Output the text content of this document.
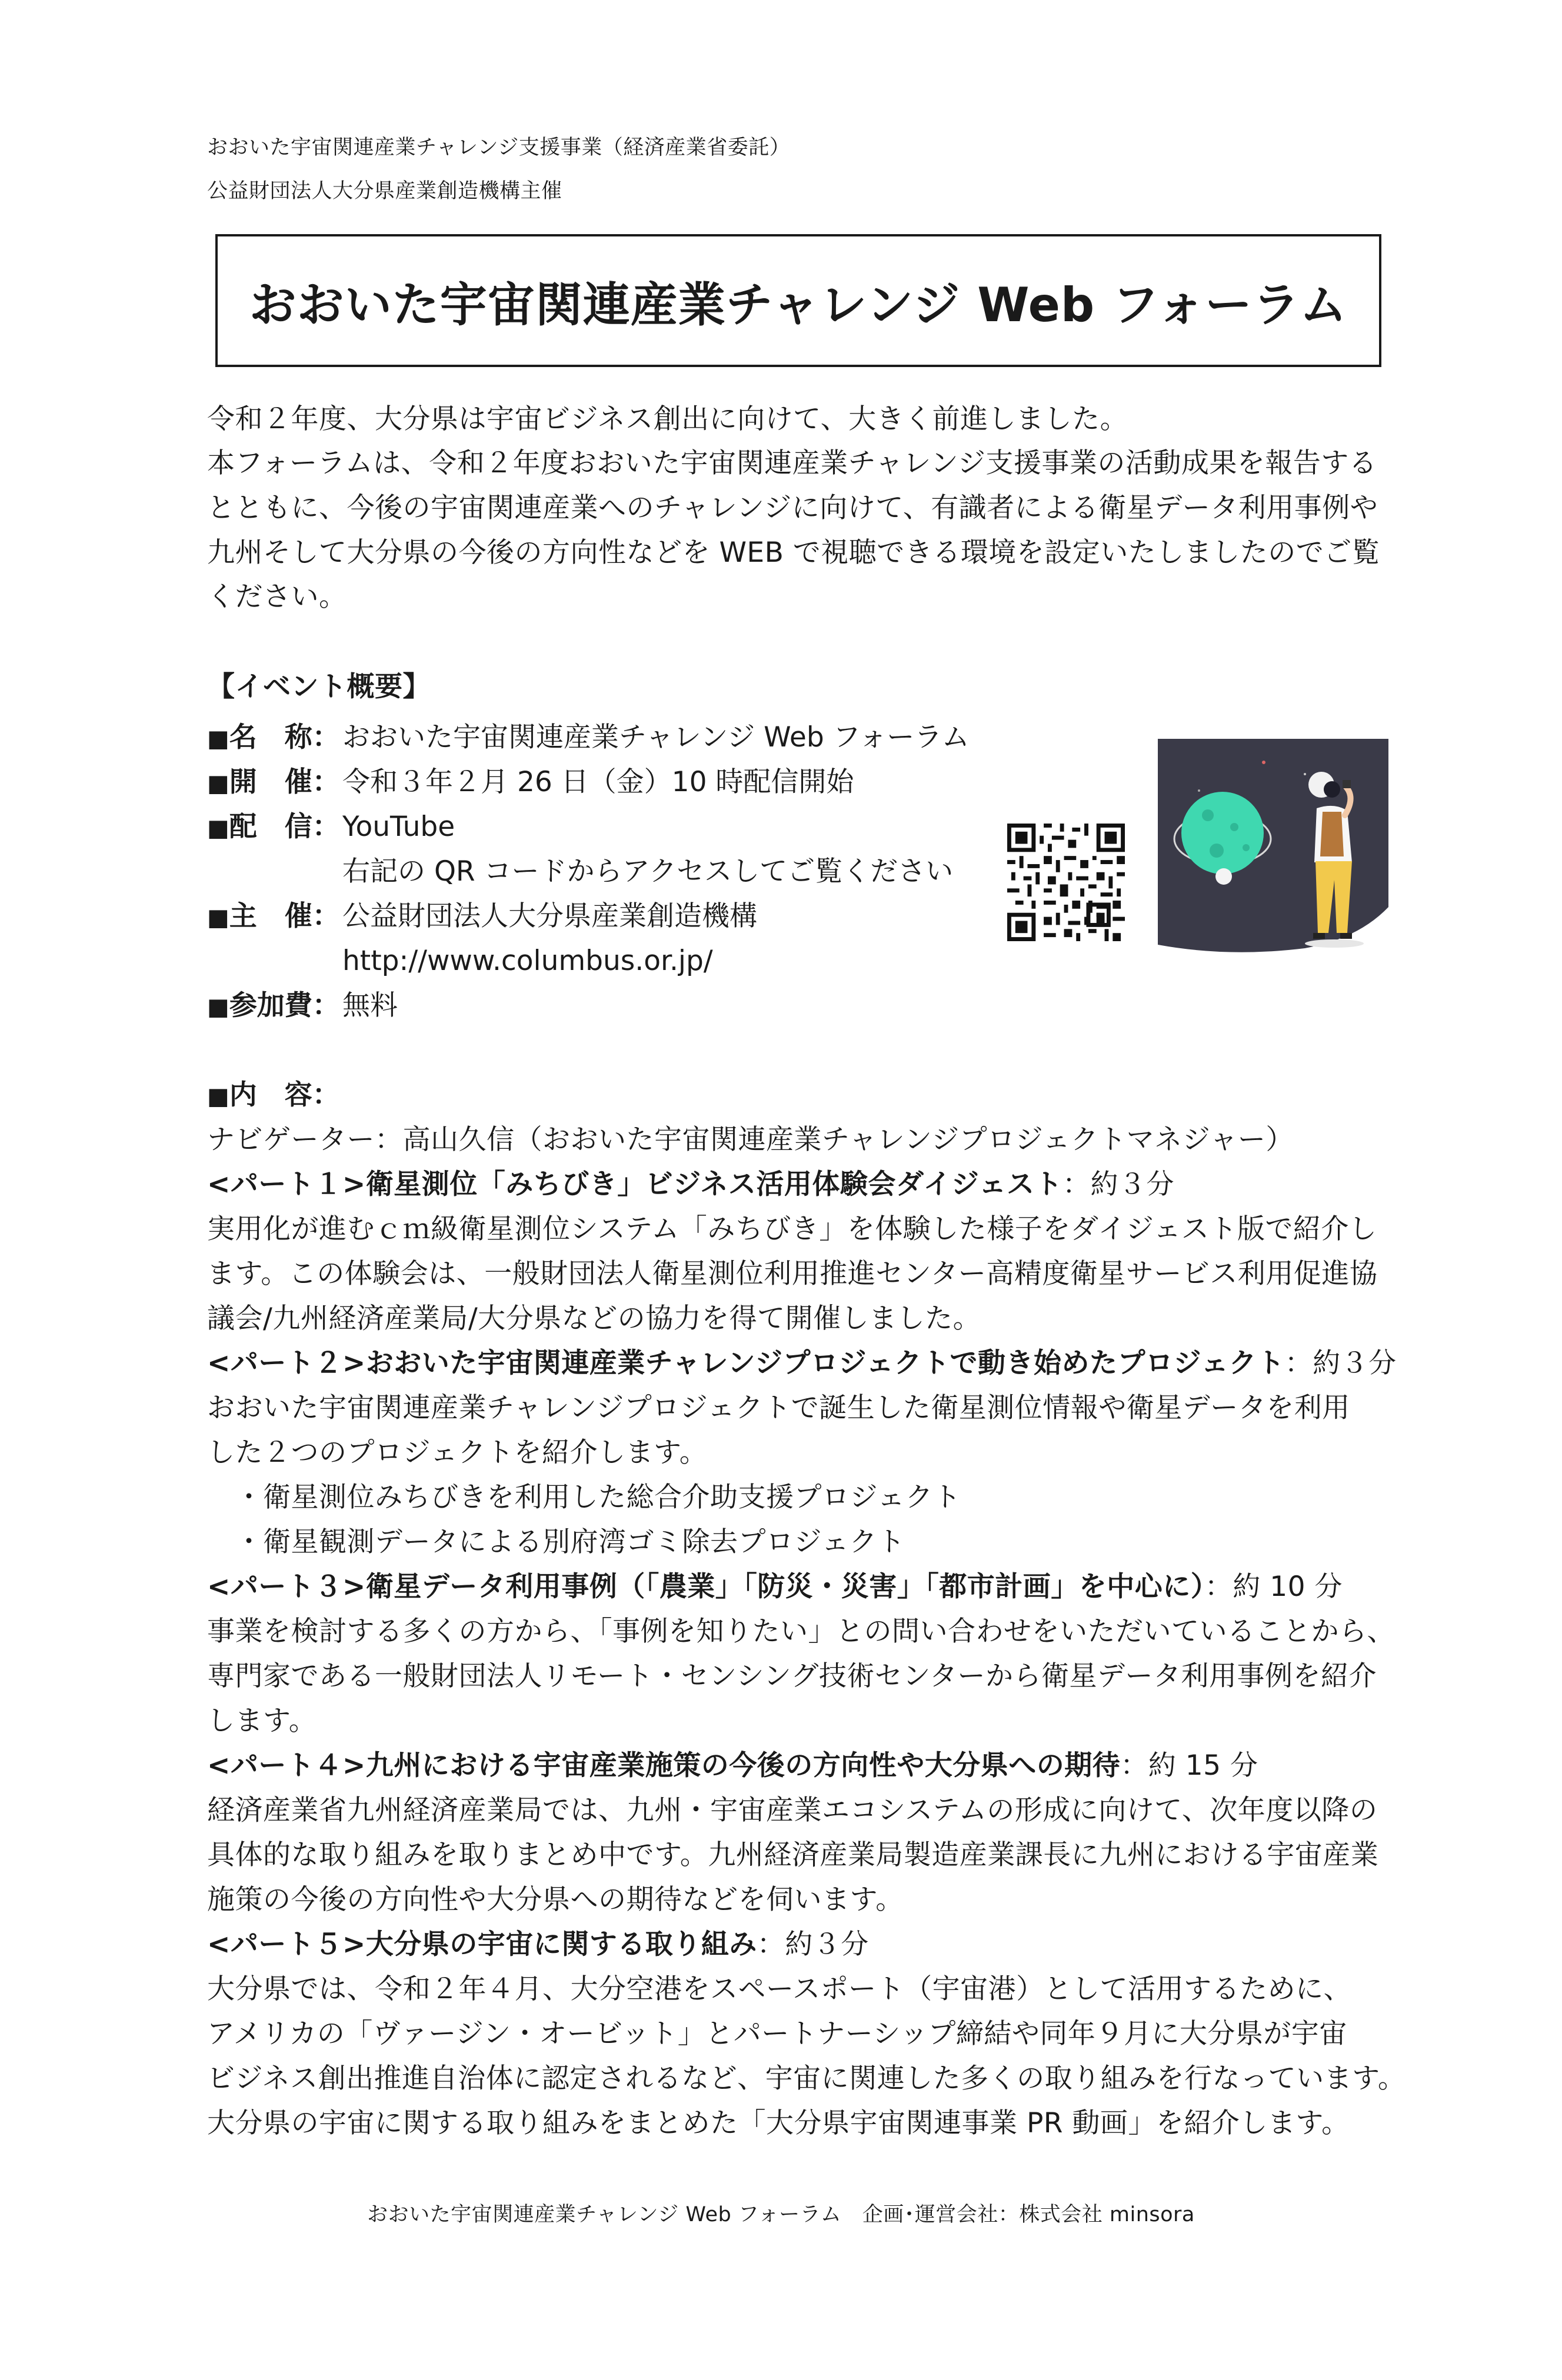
おおいた宇宙関連産業チャレンジ支援事業（経済産業省委託）
公益財団法人大分県産業創造機構主催
おおいた宇宙関連産業チャレンジ Web フォーラム
令和２年度、大分県は宇宙ビジネス創出に向けて、大きく前進しました。
本フォーラムは、令和２年度おおいた宇宙関連産業チャレンジ支援事業の活動成果を報告する
とともに、今後の宇宙関連産業へのチャレンジに向けて、有識者による衛星データ利用事例や
九州そして大分県の今後の方向性などを WEB で視聴できる環境を設定いたしましたのでご覧
ください。
【イベント概要】
■名　称： おおいた宇宙関連産業チャレンジ Web フォーラム
■開　催： 令和３年２月 26 日（金）10 時配信開始
■配　信： YouTube
右記の QR コードからアクセスしてご覧ください
■主　催： 公益財団法人大分県産業創造機構
http://www.columbus.or.jp/
■参加費： 無料
■内　容：
ナビゲーター：高山久信（おおいた宇宙関連産業チャレンジプロジェクトマネジャー）
<パート１>衛星測位「みちびき」ビジネス活用体験会ダイジェスト：約３分
実用化が進むｃｍ級衛星測位システム「みちびき」を体験した様子をダイジェスト版で紹介し
ます。この体験会は、一般財団法人衛星測位利用推進センター高精度衛星サービス利用促進協
議会/九州経済産業局/大分県などの協力を得て開催しました。
<パート２>おおいた宇宙関連産業チャレンジプロジェクトで動き始めたプロジェクト：約３分
おおいた宇宙関連産業チャレンジプロジェクトで誕生した衛星測位情報や衛星データを利用
した２つのプロジェクトを紹介します。
　・衛星測位みちびきを利用した総合介助支援プロジェクト
　・衛星観測データによる別府湾ゴミ除去プロジェクト
<パート３>衛星データ利用事例（「農業」「防災・災害」「都市計画」を中心に）：約 10 分
事業を検討する多くの方から、「事例を知りたい」との問い合わせをいただいていることから、
専門家である一般財団法人リモート・センシング技術センターから衛星データ利用事例を紹介
します。
<パート４>九州における宇宙産業施策の今後の方向性や大分県への期待：約 15 分
経済産業省九州経済産業局では、九州・宇宙産業エコシステムの形成に向けて、次年度以降の
具体的な取り組みを取りまとめ中です。九州経済産業局製造産業課長に九州における宇宙産業
施策の今後の方向性や大分県への期待などを伺います。
<パート５>大分県の宇宙に関する取り組み：約３分
大分県では、令和２年４月、大分空港をスペースポート（宇宙港）として活用するために、
アメリカの「ヴァージン・オービット」とパートナーシップ締結や同年９月に大分県が宇宙
ビジネス創出推進自治体に認定されるなど、宇宙に関連した多くの取り組みを行なっています。
大分県の宇宙に関する取り組みをまとめた「大分県宇宙関連事業 PR 動画」を紹介します。
おおいた宇宙関連産業チャレンジ Web フォーラム　企画･運営会社：株式会社 minsora
